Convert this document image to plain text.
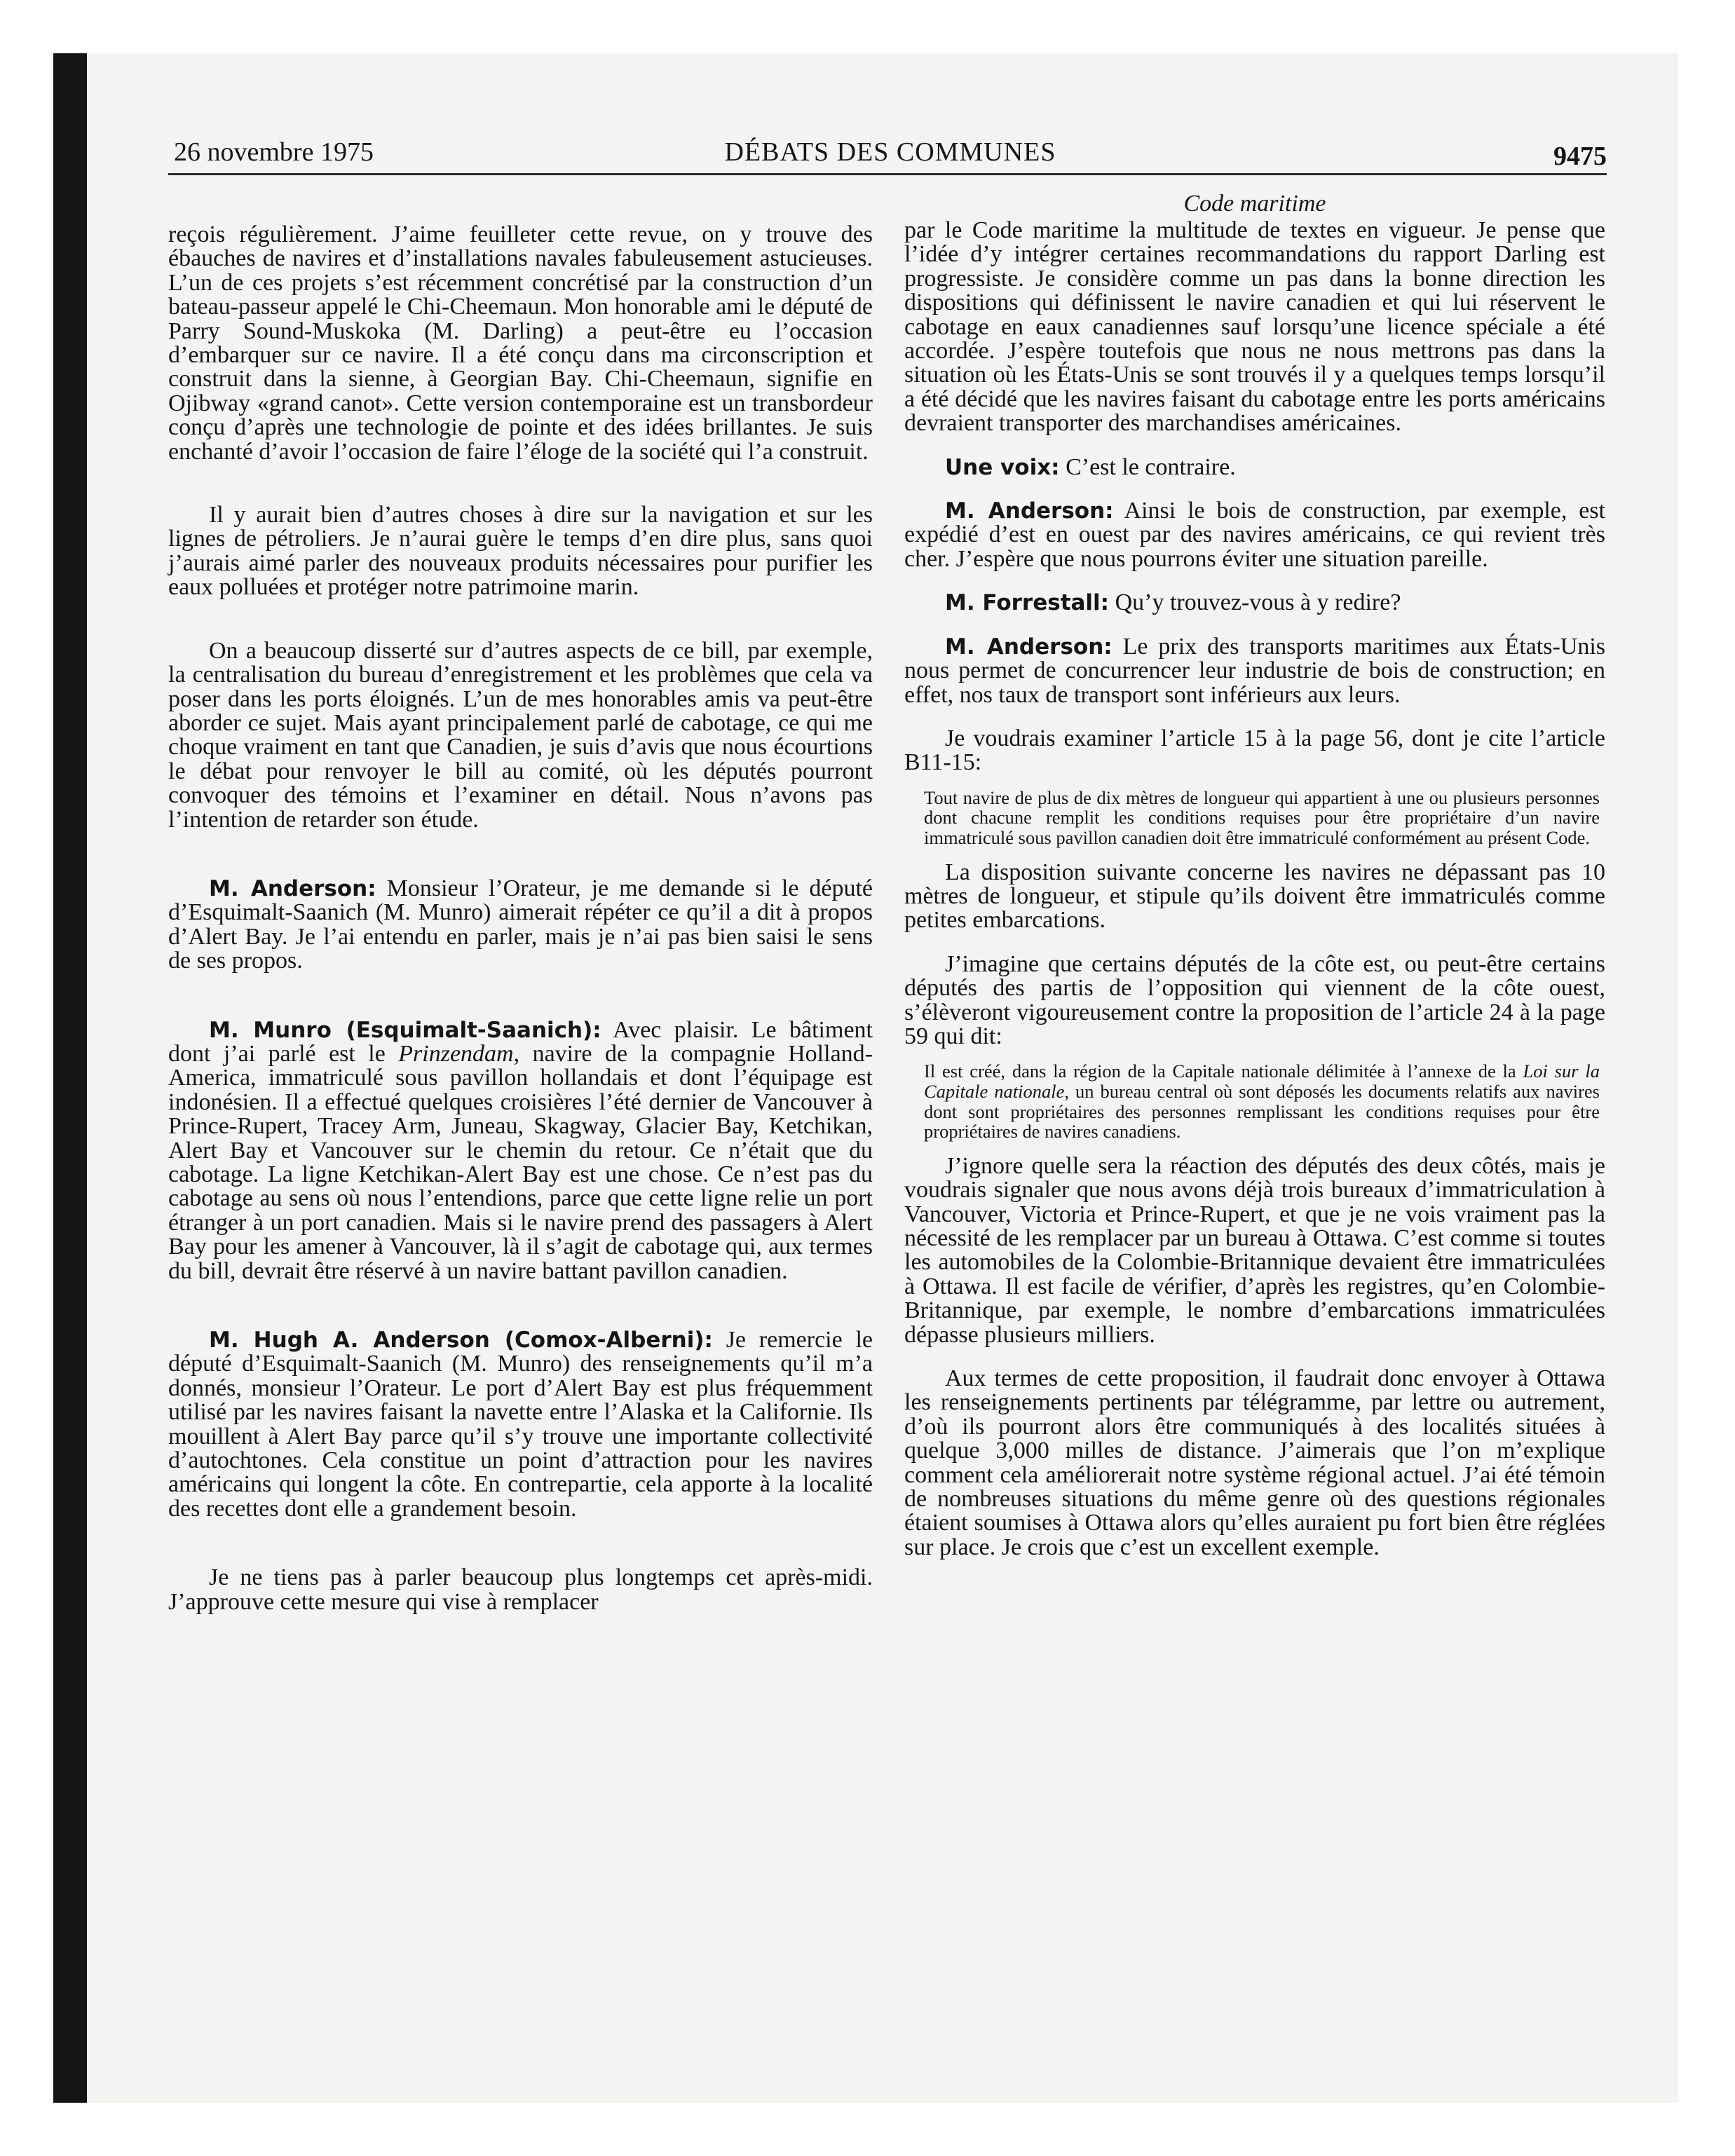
26 novembre 1975	DÉBATS DES COMMUNES	9475

reçois régulièrement. J’aime feuilleter cette revue, on y trouve des ébauches de navires et d’installations navales fabuleusement astucieuses. L’un de ces projets s’est récemment concrétisé par la construction d’un bateau-passeur appelé le Chi-Cheemaun. Mon honorable ami le député de Parry Sound-Muskoka (M. Darling) a peut-être eu l’occasion d’embarquer sur ce navire. Il a été conçu dans ma circonscription et construit dans la sienne, à Georgian Bay. Chi-Cheemaun, signifie en Ojibway «grand canot». Cette version contemporaine est un transbordeur conçu d’après une technologie de pointe et des idées brillantes. Je suis enchanté d’avoir l’occasion de faire l’éloge de la société qui l’a construit.

Il y aurait bien d’autres choses à dire sur la navigation et sur les lignes de pétroliers. Je n’aurai guère le temps d’en dire plus, sans quoi j’aurais aimé parler des nouveaux produits nécessaires pour purifier les eaux polluées et protéger notre patrimoine marin.

On a beaucoup disserté sur d’autres aspects de ce bill, par exemple, la centralisation du bureau d’enregistrement et les problèmes que cela va poser dans les ports éloignés. L’un de mes honorables amis va peut-être aborder ce sujet. Mais ayant principalement parlé de cabotage, ce qui me choque vraiment en tant que Canadien, je suis d’avis que nous écourtions le débat pour renvoyer le bill au comité, où les députés pourront convoquer des témoins et l’examiner en détail. Nous n’avons pas l’intention de retarder son étude.

M. Anderson: Monsieur l’Orateur, je me demande si le député d’Esquimalt-Saanich (M. Munro) aimerait répéter ce qu’il a dit à propos d’Alert Bay. Je l’ai entendu en parler, mais je n’ai pas bien saisi le sens de ses propos.

M. Munro (Esquimalt-Saanich): Avec plaisir. Le bâtiment dont j’ai parlé est le Prinzendam, navire de la compagnie Holland-America, immatriculé sous pavillon hollandais et dont l’équipage est indonésien. Il a effectué quelques croisières l’été dernier de Vancouver à Prince-Rupert, Tracey Arm, Juneau, Skagway, Glacier Bay, Ketchikan, Alert Bay et Vancouver sur le chemin du retour. Ce n’était que du cabotage. La ligne Ketchikan-Alert Bay est une chose. Ce n’est pas du cabotage au sens où nous l’entendions, parce que cette ligne relie un port étranger à un port canadien. Mais si le navire prend des passagers à Alert Bay pour les amener à Vancouver, là il s’agit de cabotage qui, aux termes du bill, devrait être réservé à un navire battant pavillon canadien.

M. Hugh A. Anderson (Comox-Alberni): Je remercie le député d’Esquimalt-Saanich (M. Munro) des renseignements qu’il m’a donnés, monsieur l’Orateur. Le port d’Alert Bay est plus fréquemment utilisé par les navires faisant la navette entre l’Alaska et la Californie. Ils mouillent à Alert Bay parce qu’il s’y trouve une importante collectivité d’autochtones. Cela constitue un point d’attraction pour les navires américains qui longent la côte. En contrepartie, cela apporte à la localité des recettes dont elle a grandement besoin.

Je ne tiens pas à parler beaucoup plus longtemps cet après-midi. J’approuve cette mesure qui vise à remplacer

Code maritime

par le Code maritime la multitude de textes en vigueur. Je pense que l’idée d’y intégrer certaines recommandations du rapport Darling est progressiste. Je considère comme un pas dans la bonne direction les dispositions qui définissent le navire canadien et qui lui réservent le cabotage en eaux canadiennes sauf lorsqu’une licence spéciale a été accordée. J’espère toutefois que nous ne nous mettrons pas dans la situation où les États-Unis se sont trouvés il y a quelques temps lorsqu’il a été décidé que les navires faisant du cabotage entre les ports américains devraient transporter des marchandises américaines.

Une voix: C’est le contraire.

M. Anderson: Ainsi le bois de construction, par exemple, est expédié d’est en ouest par des navires américains, ce qui revient très cher. J’espère que nous pourrons éviter une situation pareille.

M. Forrestall: Qu’y trouvez-vous à y redire?

M. Anderson: Le prix des transports maritimes aux États-Unis nous permet de concurrencer leur industrie de bois de construction; en effet, nos taux de transport sont inférieurs aux leurs.

Je voudrais examiner l’article 15 à la page 56, dont je cite l’article B11-15:

Tout navire de plus de dix mètres de longueur qui appartient à une ou plusieurs personnes dont chacune remplit les conditions requises pour être propriétaire d’un navire immatriculé sous pavillon canadien doit être immatriculé conformément au présent Code.

La disposition suivante concerne les navires ne dépassant pas 10 mètres de longueur, et stipule qu’ils doivent être immatriculés comme petites embarcations.

J’imagine que certains députés de la côte est, ou peut-être certains députés des partis de l’opposition qui viennent de la côte ouest, s’élèveront vigoureusement contre la proposition de l’article 24 à la page 59 qui dit:

Il est créé, dans la région de la Capitale nationale délimitée à l’annexe de la Loi sur la Capitale nationale, un bureau central où sont déposés les documents relatifs aux navires dont sont propriétaires des personnes remplissant les conditions requises pour être propriétaires de navires canadiens.

J’ignore quelle sera la réaction des députés des deux côtés, mais je voudrais signaler que nous avons déjà trois bureaux d’immatriculation à Vancouver, Victoria et Prince-Rupert, et que je ne vois vraiment pas la nécessité de les remplacer par un bureau à Ottawa. C’est comme si toutes les automobiles de la Colombie-Britannique devaient être immatriculées à Ottawa. Il est facile de vérifier, d’après les registres, qu’en Colombie-Britannique, par exemple, le nombre d’embarcations immatriculées dépasse plusieurs milliers.

Aux termes de cette proposition, il faudrait donc envoyer à Ottawa les renseignements pertinents par télégramme, par lettre ou autrement, d’où ils pourront alors être communiqués à des localités situées à quelque 3,000 milles de distance. J’aimerais que l’on m’explique comment cela améliorerait notre système régional actuel. J’ai été témoin de nombreuses situations du même genre où des questions régionales étaient soumises à Ottawa alors qu’elles auraient pu fort bien être réglées sur place. Je crois que c’est un excellent exemple.
